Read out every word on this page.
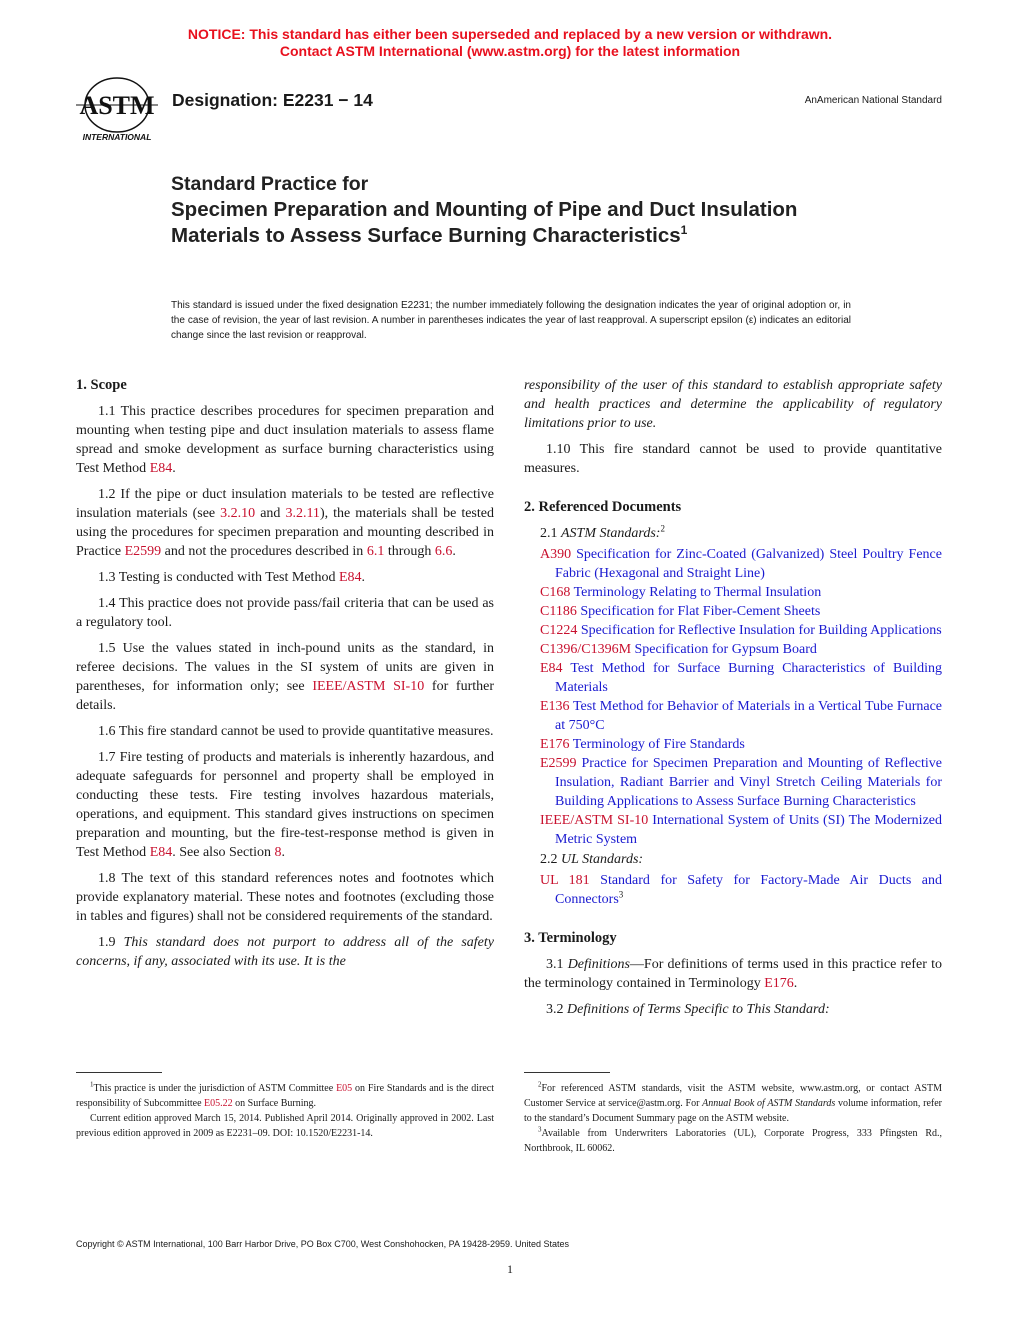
NOTICE: This standard has either been superseded and replaced by a new version or withdrawn.
Contact ASTM International (www.astm.org) for the latest information
ASTM
INTERNATIONAL
Designation: E2231 − 14	AnAmerican National Standard
Standard Practice for
Specimen Preparation and Mounting of Pipe and Duct Insulation Materials to Assess Surface Burning Characteristics$^1$
This standard is issued under the fixed designation E2231; the number immediately following the designation indicates the year of original adoption or, in the case of revision, the year of last revision. A number in parentheses indicates the year of last reapproval. A superscript epsilon (ε) indicates an editorial change since the last revision or reapproval.
1. Scope

1.1 This practice describes procedures for specimen preparation and mounting when testing pipe and duct insulation materials to assess flame spread and smoke development as surface burning characteristics using Test Method E84.

1.2 If the pipe or duct insulation materials to be tested are reflective insulation materials (see 3.2.10 and 3.2.11), the materials shall be tested using the procedures for specimen preparation and mounting described in Practice E2599 and not the procedures described in 6.1 through 6.6.

1.3 Testing is conducted with Test Method E84.

1.4 This practice does not provide pass/fail criteria that can be used as a regulatory tool.

1.5 Use the values stated in inch-pound units as the standard, in referee decisions. The values in the SI system of units are given in parentheses, for information only; see IEEE/ASTM SI-10 for further details.

1.6 This fire standard cannot be used to provide quantitative measures.

1.7 Fire testing of products and materials is inherently hazardous, and adequate safeguards for personnel and property shall be employed in conducting these tests. Fire testing involves hazardous materials, operations, and equipment. This standard gives instructions on specimen preparation and mounting, but the fire-test-response method is given in Test Method E84. See also Section 8.

1.8 The text of this standard references notes and footnotes which provide explanatory material. These notes and footnotes (excluding those in tables and figures) shall not be considered requirements of the standard.

1.9 This standard does not purport to address all of the safety concerns, if any, associated with its use. It is the

responsibility of the user of this standard to establish appropriate safety and health practices and determine the applicability of regulatory limitations prior to use.

1.10 This fire standard cannot be used to provide quantitative measures.

2. Referenced Documents

2.1 ASTM Standards:$^2$

A390 Specification for Zinc-Coated (Galvanized) Steel Poultry Fence Fabric (Hexagonal and Straight Line)

C168 Terminology Relating to Thermal Insulation

C1186 Specification for Flat Fiber-Cement Sheets

C1224 Specification for Reflective Insulation for Building Applications

C1396/C1396M Specification for Gypsum Board

E84 Test Method for Surface Burning Characteristics of Building Materials

E136 Test Method for Behavior of Materials in a Vertical Tube Furnace at 750°C

E176 Terminology of Fire Standards

E2599 Practice for Specimen Preparation and Mounting of Reflective Insulation, Radiant Barrier and Vinyl Stretch Ceiling Materials for Building Applications to Assess Surface Burning Characteristics

IEEE/ASTM SI-10 International System of Units (SI) The Modernized Metric System

2.2 UL Standards:

UL 181 Standard for Safety for Factory-Made Air Ducts and Connectors$^3$

3. Terminology

3.1 Definitions—For definitions of terms used in this practice refer to the terminology contained in Terminology E176.

3.2 Definitions of Terms Specific to This Standard:

$^1$This practice is under the jurisdiction of ASTM Committee E05 on Fire Standards and is the direct responsibility of Subcommittee E05.22 on Surface Burning.

Current edition approved March 15, 2014. Published April 2014. Originally approved in 2002. Last previous edition approved in 2009 as E2231–09. DOI: 10.1520/E2231-14.

$^2$For referenced ASTM standards, visit the ASTM website, www.astm.org, or contact ASTM Customer Service at service@astm.org. For Annual Book of ASTM Standards volume information, refer to the standard’s Document Summary page on the ASTM website.

$^3$Available from Underwriters Laboratories (UL), Corporate Progress, 333 Pfingsten Rd., Northbrook, IL 60062.

Copyright © ASTM International, 100 Barr Harbor Drive, PO Box C700, West Conshohocken, PA 19428-2959. United States
1
